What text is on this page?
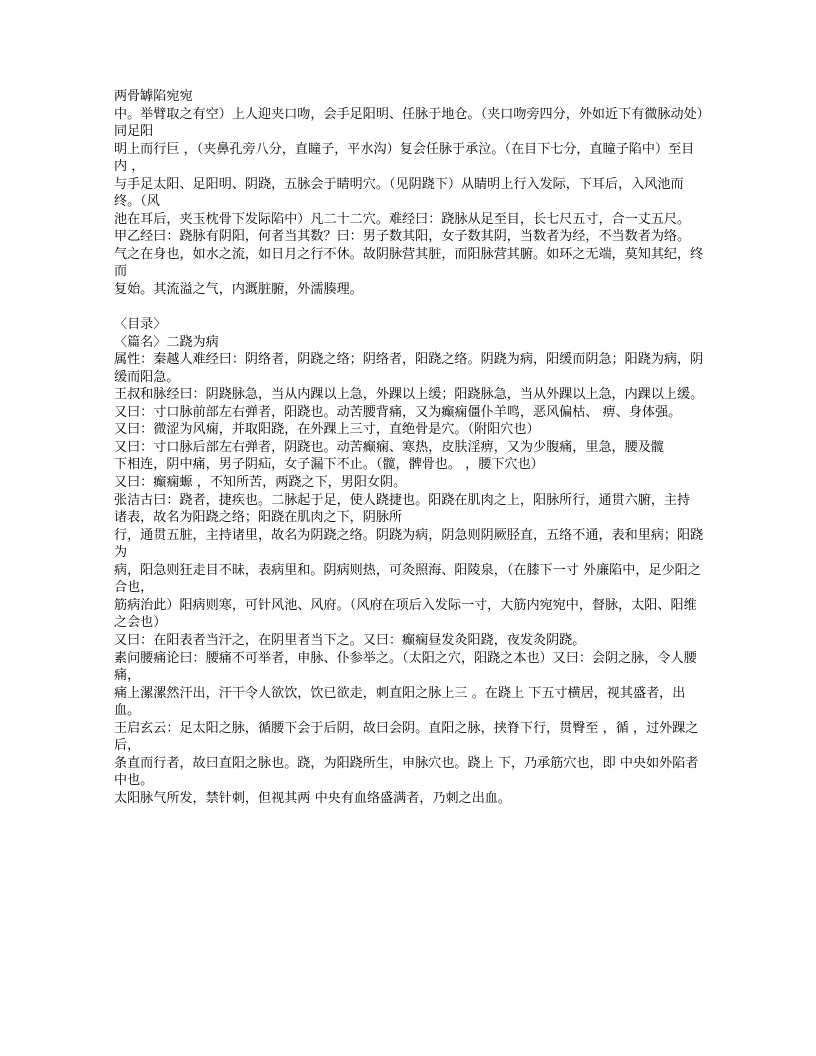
两骨罅陷宛宛
中。举臂取之有空）上人迎夹口吻，会手足阳明、任脉于地仓。（夹口吻旁四分，外如近下有微脉动处）同足阳
明上而行巨 ，（夹鼻孔旁八分，直瞳子，平水沟）复会任脉于承泣。（在目下七分，直瞳子陷中）至目内 ，
与手足太阳、足阳明、阴跷，五脉会于睛明穴。（见阴跷下）从睛明上行入发际，下耳后，入风池而终。（风
池在耳后，夹玉枕骨下发际陷中）凡二十二穴。难经曰：跷脉从足至目，长七尺五寸，合一丈五尺。
甲乙经曰：跷脉有阴阳，何者当其数？曰：男子数其阳，女子数其阴，当数者为经，不当数者为络。
气之在身也，如水之流，如日月之行不休。故阴脉营其脏，而阳脉营其腑。如环之无端，莫知其纪，终而
复始。其流溢之气，内溉脏腑，外濡腠理。
〈目录〉
〈篇名〉二跷为病
属性：秦越人难经曰：阴络者，阴跷之络；阴络者，阳跷之络。阴跷为病，阳缓而阴急；阳跷为病，阴缓而阳急。
王叔和脉经曰：阴跷脉急，当从内踝以上急，外踝以上缓；阳跷脉急，当从外踝以上急，内踝以上缓。
又曰：寸口脉前部左右弹者，阳跷也。动苦腰背痛，又为癫痫僵仆羊鸣，恶风偏枯、 痹、身体强。
又曰：微涩为风痫，并取阳跷，在外踝上三寸，直绝骨是穴。（附阳穴也）
又曰：寸口脉后部左右弹者，阴跷也。动苦癫痫、寒热，皮肤淫痹，又为少腹痛，里急，腰及髋
下相连，阴中痛，男子阴疝，女子漏下不止。（髋，髀骨也。 ，腰下穴也）
又曰：癫痫螈 ，不知所苦，两跷之下，男阳女阴。
张洁古曰：跷者，捷疾也。二脉起于足，使人跷捷也。阳跷在肌肉之上，阳脉所行，通贯六腑，主持
诸表，故名为阳跷之络；阳跷在肌肉之下，阴脉所
行，通贯五脏，主持诸里，故名为阴跷之络。阴跷为病，阴急则阴厥胫直，五络不通，表和里病；阳跷为
病，阳急则狂走目不昧，表病里和。阴病则热，可灸照海、阳陵泉，（在膝下一寸 外廉陷中，足少阳之合也，
筋病治此）阳病则寒，可针风池、风府。（风府在项后入发际一寸，大筋内宛宛中，督脉，太阳、阳维之会也）
又曰：在阳表者当汗之，在阴里者当下之。又曰：癫痫昼发灸阳跷，夜发灸阴跷。
素问腰痛论曰：腰痛不可举者，申脉、仆参举之。（太阳之穴，阳跷之本也）又曰：会阴之脉，令人腰痛，
痛上漯漯然汗出，汗干令人欲饮，饮已欲走，刺直阳之脉上三 。在跷上 下五寸横居，视其盛者，出血。
王启玄云：足太阳之脉，循腰下会于后阴，故曰会阴。直阳之脉，挟脊下行，贯臀至 ，循 ，过外踝之后，
条直而行者，故曰直阳之脉也。跷，为阳跷所生，申脉穴也。跷上 下，乃承筋穴也，即 中央如外陷者中也。
太阳脉气所发，禁针刺，但视其两 中央有血络盛满者，乃刺之出血。
